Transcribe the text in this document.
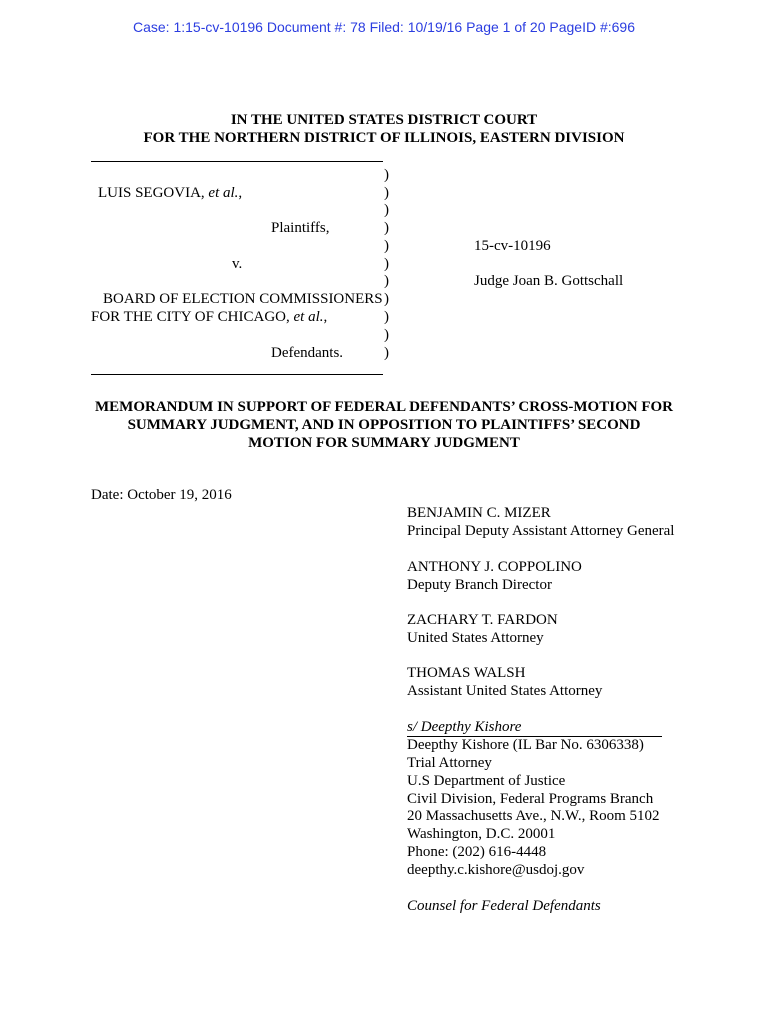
Case: 1:15-cv-10196 Document #: 78 Filed: 10/19/16 Page 1 of 20 PageID #:696
IN THE UNITED STATES DISTRICT COURT
FOR THE NORTHERN DISTRICT OF ILLINOIS, EASTERN DIVISION
LUIS SEGOVIA, et al.,
Plaintiffs,
v.
BOARD OF ELECTION COMMISSIONERS
FOR THE CITY OF CHICAGO, et al.,
Defendants.
)
)
)
)
)
)
)
)
)
)
)
15-cv-10196
Judge Joan B. Gottschall
MEMORANDUM IN SUPPORT OF FEDERAL DEFENDANTS’ CROSS-MOTION FOR
SUMMARY JUDGMENT, AND IN OPPOSITION TO PLAINTIFFS’ SECOND
MOTION FOR SUMMARY JUDGMENT
Date: October 19, 2016
BENJAMIN C. MIZER
Principal Deputy Assistant Attorney General
ANTHONY J. COPPOLINO
Deputy Branch Director
ZACHARY T. FARDON
United States Attorney
THOMAS WALSH
Assistant United States Attorney
s/ Deepthy Kishore
Deepthy Kishore (IL Bar No. 6306338)
Trial Attorney
U.S Department of Justice
Civil Division, Federal Programs Branch
20 Massachusetts Ave., N.W., Room 5102
Washington, D.C. 20001
Phone: (202) 616-4448
deepthy.c.kishore@usdoj.gov
Counsel for Federal Defendants
